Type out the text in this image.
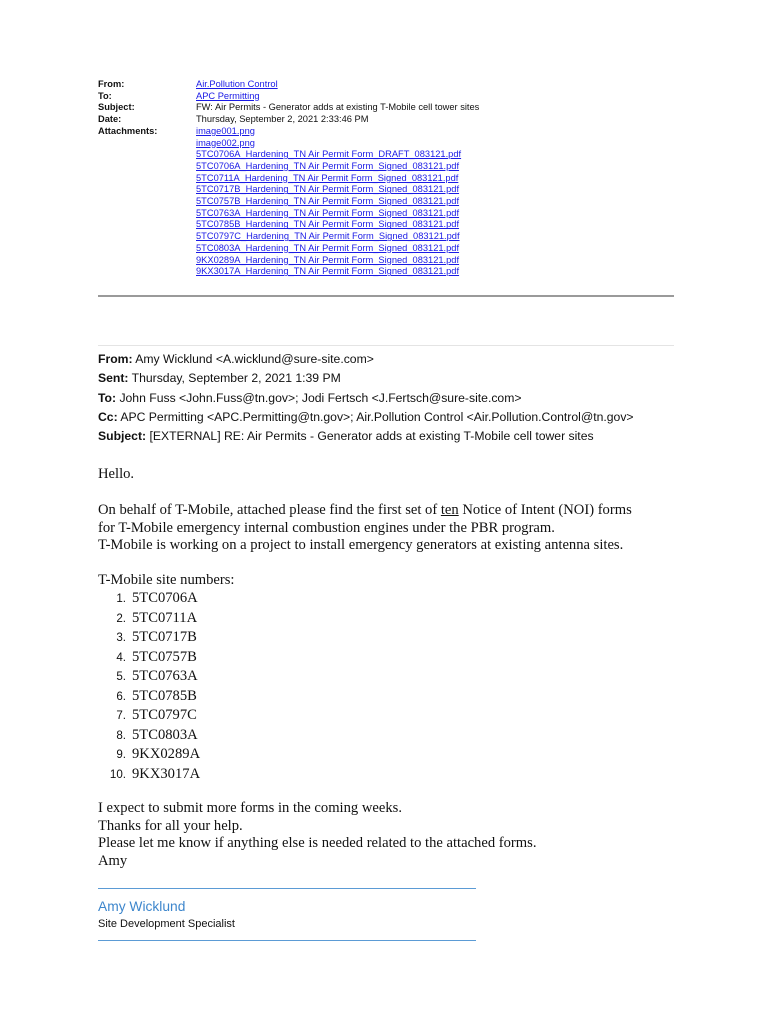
From:	Air.Pollution Control
To:	APC Permitting
Subject:	FW: Air Permits - Generator adds at existing T-Mobile cell tower sites
Date:	Thursday, September 2, 2021 2:33:46 PM
Attachments:	image001.png
image002.png
5TC0706A_Hardening_TN Air Permit Form_DRAFT_083121.pdf
5TC0706A_Hardening_TN Air Permit Form_Signed_083121.pdf
5TC0711A_Hardening_TN Air Permit Form_Signed_083121.pdf
5TC0717B_Hardening_TN Air Permit Form_Signed_083121.pdf
5TC0757B_Hardening_TN Air Permit Form_Signed_083121.pdf
5TC0763A_Hardening_TN Air Permit Form_Signed_083121.pdf
5TC0785B_Hardening_TN Air Permit Form_Signed_083121.pdf
5TC0797C_Hardening_TN Air Permit Form_Signed_083121.pdf
5TC0803A_Hardening_TN Air Permit Form_Signed_083121.pdf
9KX0289A_Hardening_TN Air Permit Form_Signed_083121.pdf
9KX3017A_Hardening_TN Air Permit Form_Signed_083121.pdf
From: Amy Wicklund <A.wicklund@sure-site.com>
Sent: Thursday, September 2, 2021 1:39 PM
To: John Fuss <John.Fuss@tn.gov>; Jodi Fertsch <J.Fertsch@sure-site.com>
Cc: APC Permitting <APC.Permitting@tn.gov>; Air.Pollution Control <Air.Pollution.Control@tn.gov>
Subject: [EXTERNAL] RE: Air Permits - Generator adds at existing T-Mobile cell tower sites
Hello.
On behalf of T-Mobile, attached please find the first set of ten Notice of Intent (NOI) forms
for T-Mobile emergency internal combustion engines under the PBR program.
T-Mobile is working on a project to install emergency generators at existing antenna sites.
T-Mobile site numbers:
1. 5TC0706A
2. 5TC0711A
3. 5TC0717B
4. 5TC0757B
5. 5TC0763A
6. 5TC0785B
7. 5TC0797C
8. 5TC0803A
9. 9KX0289A
10. 9KX3017A
I expect to submit more forms in the coming weeks.
Thanks for all your help.
Please let me know if anything else is needed related to the attached forms.
Amy
Amy Wicklund
Site Development Specialist
